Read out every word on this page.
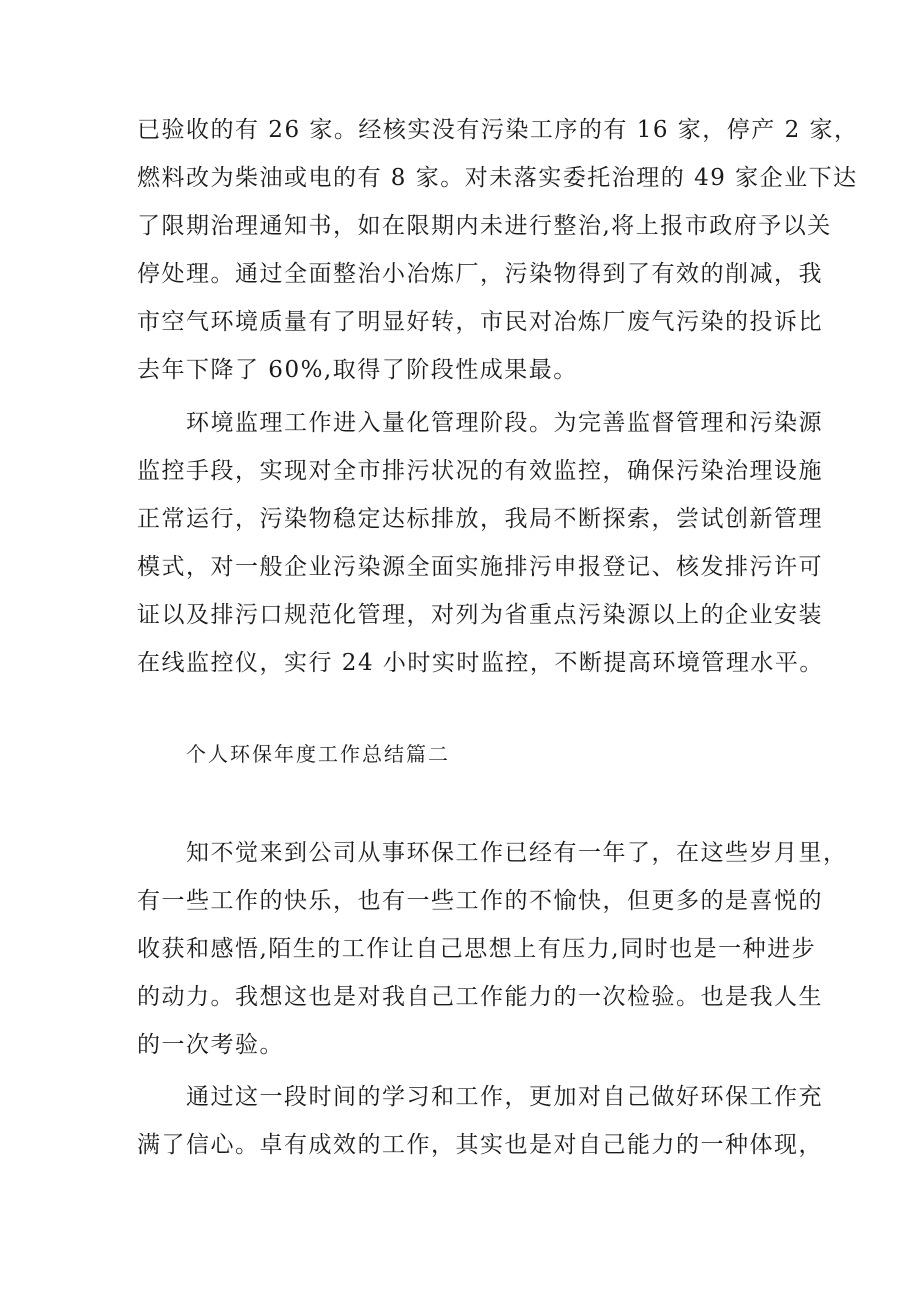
已验收的有 26 家。经核实没有污染工序的有 16 家，停产 2 家，
燃料改为柴油或电的有 8 家。对未落实委托治理的 49 家企业下达
了限期治理通知书，如在限期内未进行整治,将上报市政府予以关
停处理。通过全面整治小冶炼厂，污染物得到了有效的削减，我
市空气环境质量有了明显好转，市民对冶炼厂废气污染的投诉比
去年下降了 60%,取得了阶段性成果最。
环境监理工作进入量化管理阶段。为完善监督管理和污染源
监控手段，实现对全市排污状况的有效监控，确保污染治理设施
正常运行，污染物稳定达标排放，我局不断探索，尝试创新管理
模式，对一般企业污染源全面实施排污申报登记、核发排污许可
证以及排污口规范化管理，对列为省重点污染源以上的企业安装
在线监控仪，实行 24 小时实时监控，不断提高环境管理水平。
个人环保年度工作总结篇二
知不觉来到公司从事环保工作已经有一年了，在这些岁月里，
有一些工作的快乐，也有一些工作的不愉快，但更多的是喜悦的
收获和感悟,陌生的工作让自己思想上有压力,同时也是一种进步
的动力。我想这也是对我自己工作能力的一次检验。也是我人生
的一次考验。
通过这一段时间的学习和工作，更加对自己做好环保工作充
满了信心。卓有成效的工作，其实也是对自己能力的一种体现，
